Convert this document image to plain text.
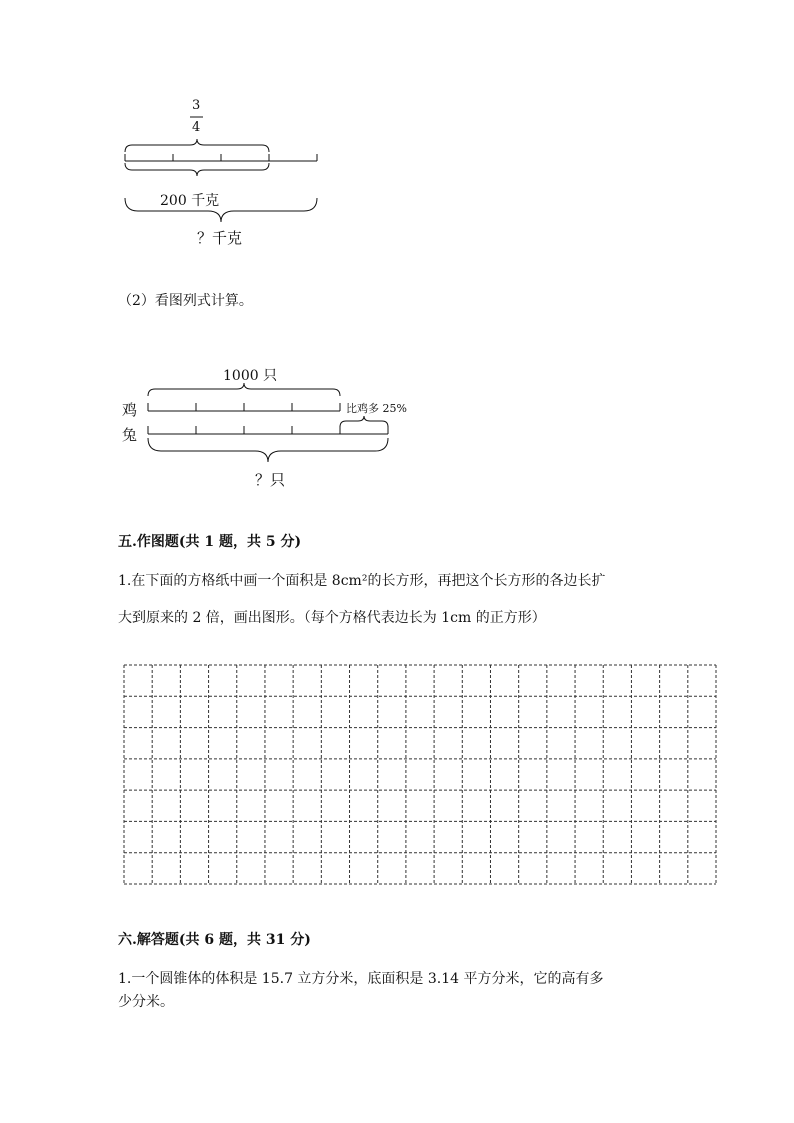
3
4
200 千克
？千克
（2）看图列式计算。
1000 只
鸡
兔
比鸡多 25%
？只
五.作图题(共 1 题，共 5 分)
1.在下面的方格纸中画一个面积是 8cm²的长方形，再把这个长方形的各边长扩
大到原来的 2 倍，画出图形。（每个方格代表边长为 1cm 的正方形）
六.解答题(共 6 题，共 31 分)
1.一个圆锥体的体积是 15.7 立方分米，底面积是 3.14 平方分米，它的高有多
少分米。
